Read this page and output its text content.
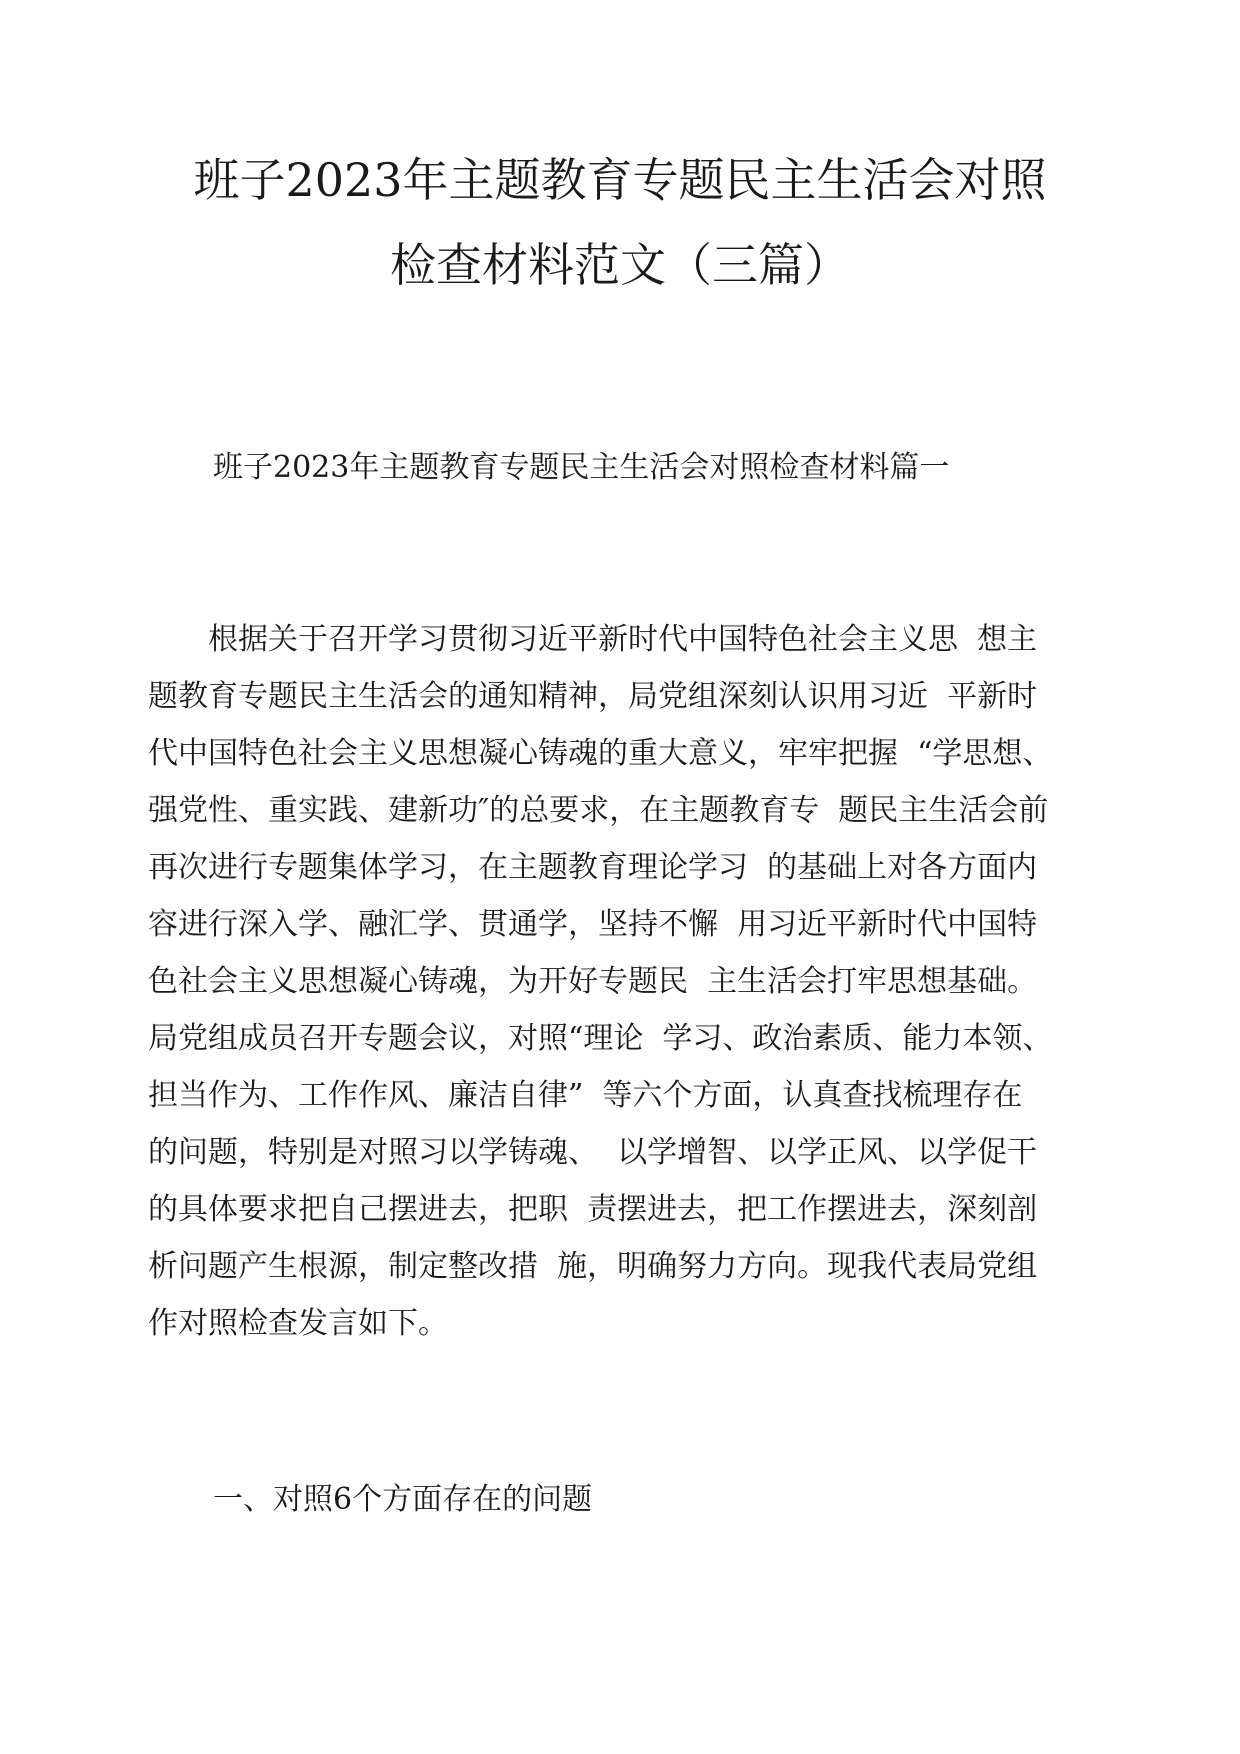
班子2023年主题教育专题民主生活会对照
检查材料范文（三篇）
班子2023年主题教育专题民主生活会对照检查材料篇一
　　根据关于召开学习贯彻习近平新时代中国特色社会主义思  想主
题教育专题民主生活会的通知精神，局党组深刻认识用习近  平新时
代中国特色社会主义思想凝心铸魂的重大意义，牢牢把握  “学思想、
强党性、重实践、建新功″的总要求，在主题教育专  题民主生活会前
再次进行专题集体学习，在主题教育理论学习  的基础上对各方面内
容进行深入学、融汇学、贯通学，坚持不懈  用习近平新时代中国特
色社会主义思想凝心铸魂，为开好专题民  主生活会打牢思想基础。
局党组成员召开专题会议，对照“理论  学习、政治素质、能力本领、
担当作为、工作作风、廉洁自律”  等六个方面，认真查找梳理存在
的问题，特别是对照习以学铸魂、  以学增智、以学正风、以学促干
的具体要求把自己摆进去，把职  责摆进去，把工作摆进去，深刻剖
析问题产生根源，制定整改措  施，明确努力方向。现我代表局党组
作对照检查发言如下。
一、对照6个方面存在的问题
